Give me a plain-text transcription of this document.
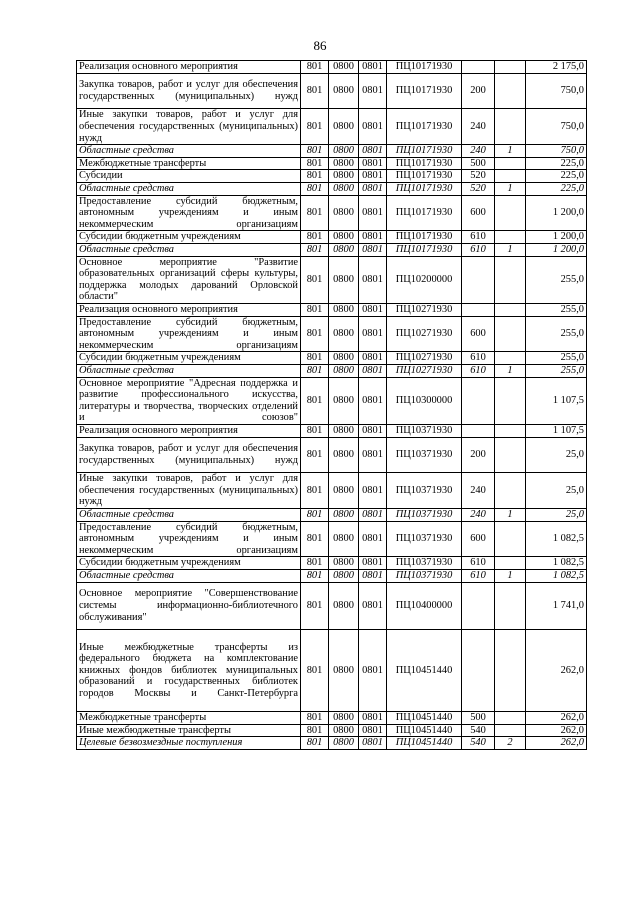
86
Реализация основного мероприятия	801	0800	0801	ПЦ10171930			2 175,0
Закупка товаров, работ и услуг для обеспечения государственных (муниципальных) нужд	801	0800	0801	ПЦ10171930	200		750,0
Иные закупки товаров, работ и услуг для обеспечения государственных (муниципальных) нужд	801	0800	0801	ПЦ10171930	240		750,0
Областные средства	801	0800	0801	ПЦ10171930	240	1	750,0
Межбюджетные трансферты	801	0800	0801	ПЦ10171930	500		225,0
Субсидии	801	0800	0801	ПЦ10171930	520		225,0
Областные средства	801	0800	0801	ПЦ10171930	520	1	225,0
Предоставление субсидий бюджетным, автономным учреждениям и иным некоммерческим организациям	801	0800	0801	ПЦ10171930	600		1 200,0
Субсидии бюджетным учреждениям	801	0800	0801	ПЦ10171930	610		1 200,0
Областные средства	801	0800	0801	ПЦ10171930	610	1	1 200,0
Основное мероприятие "Развитие образовательных организаций сферы культуры, поддержка молодых дарований Орловской области"	801	0800	0801	ПЦ10200000			255,0
Реализация основного мероприятия	801	0800	0801	ПЦ10271930			255,0
Предоставление субсидий бюджетным, автономным учреждениям и иным некоммерческим организациям	801	0800	0801	ПЦ10271930	600		255,0
Субсидии бюджетным учреждениям	801	0800	0801	ПЦ10271930	610		255,0
Областные средства	801	0800	0801	ПЦ10271930	610	1	255,0
Основное мероприятие "Адресная поддержка и развитие профессионального искусства, литературы и творчества, творческих отделений и союзов"	801	0800	0801	ПЦ10300000			1 107,5
Реализация основного мероприятия	801	0800	0801	ПЦ10371930			1 107,5
Закупка товаров, работ и услуг для обеспечения государственных (муниципальных) нужд	801	0800	0801	ПЦ10371930	200		25,0
Иные закупки товаров, работ и услуг для обеспечения государственных (муниципальных) нужд	801	0800	0801	ПЦ10371930	240		25,0
Областные средства	801	0800	0801	ПЦ10371930	240	1	25,0
Предоставление субсидий бюджетным, автономным учреждениям и иным некоммерческим организациям	801	0800	0801	ПЦ10371930	600		1 082,5
Субсидии бюджетным учреждениям	801	0800	0801	ПЦ10371930	610		1 082,5
Областные средства	801	0800	0801	ПЦ10371930	610	1	1 082,5
Основное мероприятие "Совершенствование системы информационно-библиотечного обслуживания"	801	0800	0801	ПЦ10400000			1 741,0
Иные межбюджетные трансферты из федерального бюджета на комплектование книжных фондов библиотек муниципальных образований и государственных библиотек городов Москвы и Санкт-Петербурга	801	0800	0801	ПЦ10451440			262,0
Межбюджетные трансферты	801	0800	0801	ПЦ10451440	500		262,0
Иные межбюджетные трансферты	801	0800	0801	ПЦ10451440	540		262,0
Целевые безвозмездные поступления	801	0800	0801	ПЦ10451440	540	2	262,0
